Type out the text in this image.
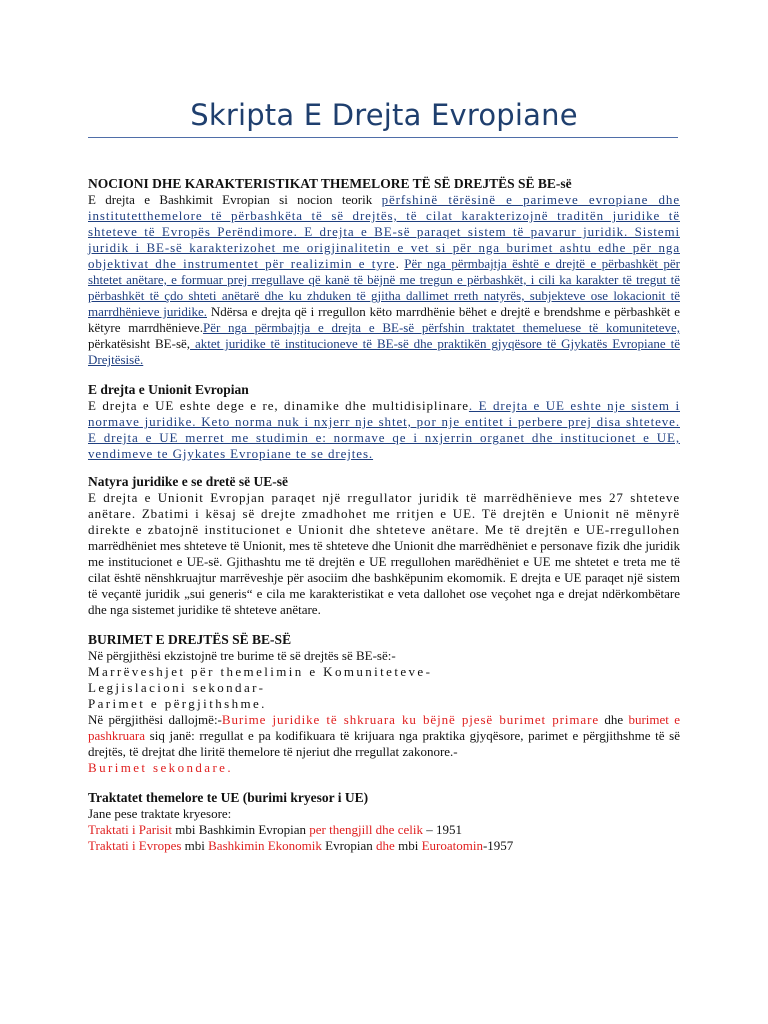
Skripta E Drejta Evropiane
NOCIONI DHE KARAKTERISTIKAT THEMELORE TË SË DREJTËS SË BE-së
E drejta e Bashkimit Evropian si nocion teorik përfshinë tërësinë e parimeve evropiane dhe institutetthemelore të përbashkëta të së drejtës, të cilat karakterizojnë traditën juridike të shteteve të Evropës Perëndimore. E drejta e BE-së paraqet sistem të pavarur juridik. Sistemi juridik i BE-së karakterizohet me origjinalitetin e vet si për nga burimet ashtu edhe për nga objektivat dhe instrumentet për realizimin e tyre. Për nga përmbajtja është e drejtë e përbashkët për shtetet anëtare, e formuar prej rregullave që kanë të bëjnë me tregun e përbashkët, i cili ka karakter të tregut të përbashkët të çdo shteti anëtarë dhe ku zhduken të gjitha dallimet rreth natyrës, subjekteve ose lokacionit të marrdhënieve juridike. Ndërsa e drejta që i rregullon këto marrdhënie bëhet e drejtë e brendshme e përbashkët e këtyre marrdhënieve.Për nga përmbajtja e drejta e BE-së përfshin traktatet themeluese të komuniteteve, përkatësisht BE-së, aktet juridike të institucioneve të BE-së dhe praktikën gjyqësore të Gjykatës Evropiane të Drejtësisë.
E drejta e Unionit Evropian
E drejta e UE eshte dege e re, dinamike dhe multidisiplinare. E drejta e UE eshte nje sistem i normave juridike. Keto norma nuk i nxjerr nje shtet, por nje entitet i perbere prej disa shteteve. E drejta e UE merret me studimin e: normave qe i nxjerrin organet dhe institucionet e UE, vendimeve te Gjykates Evropiane te se drejtes.
Natyra juridike e se dretë së UE-së
E drejta e Unionit Evropjan paraqet një rregullator juridik të marrëdhënieve mes 27 shteteve anëtare. Zbatimi i kësaj së drejte zmadhohet me rritjen e UE. Të drejtën e Unionit në mënyrë direkte e zbatojnë institucionet e Unionit dhe shteteve anëtare. Me të drejtën e UE-rregullohen marrëdhëniet mes shteteve të Unionit, mes të shteteve dhe Unionit dhe marrëdhëniet e personave fizik dhe juridik me institucionet e UE-së. Gjithashtu me të drejtën e UE rregullohen marëdhëniet e UE me shtetet e treta me të cilat është nënshkruajtur marrëveshje për asociim dhe bashkëpunim ekomomik. E drejta e UE paraqet një sistem të veçantë juridik „sui generis“ e cila me karakteristikat e veta dallohet ose veçohet nga e drejat ndërkombëtare dhe nga sistemet juridike të shteteve anëtare.
BURIMET E DREJTËS SË BE-SË
Në përgjithësi ekzistojnë tre burime të së drejtës së BE-së:-
Marrëveshjet për themelimin e Komuniteteve-
Legjislacioni sekondar-
Parimet e përgjithshme.
Në përgjithësi dallojmë:-Burime juridike të shkruara ku bëjnë pjesë burimet primare dhe burimet e pashkruara siq janë: rregullat e pa kodifikuara të krijuara nga praktika gjyqësore, parimet e përgjithshme të së drejtës, të drejtat dhe liritë themelore të njeriut dhe rregullat zakonore.-
Burimet sekondare.
Traktatet themelore te UE (burimi kryesor i UE)
Jane pese traktate kryesore:
Traktati i Parisit mbi Bashkimin Evropian per thengjill dhe celik – 1951
Traktati i Evropes mbi Bashkimin Ekonomik Evropian dhe mbi Euroatomin-1957
